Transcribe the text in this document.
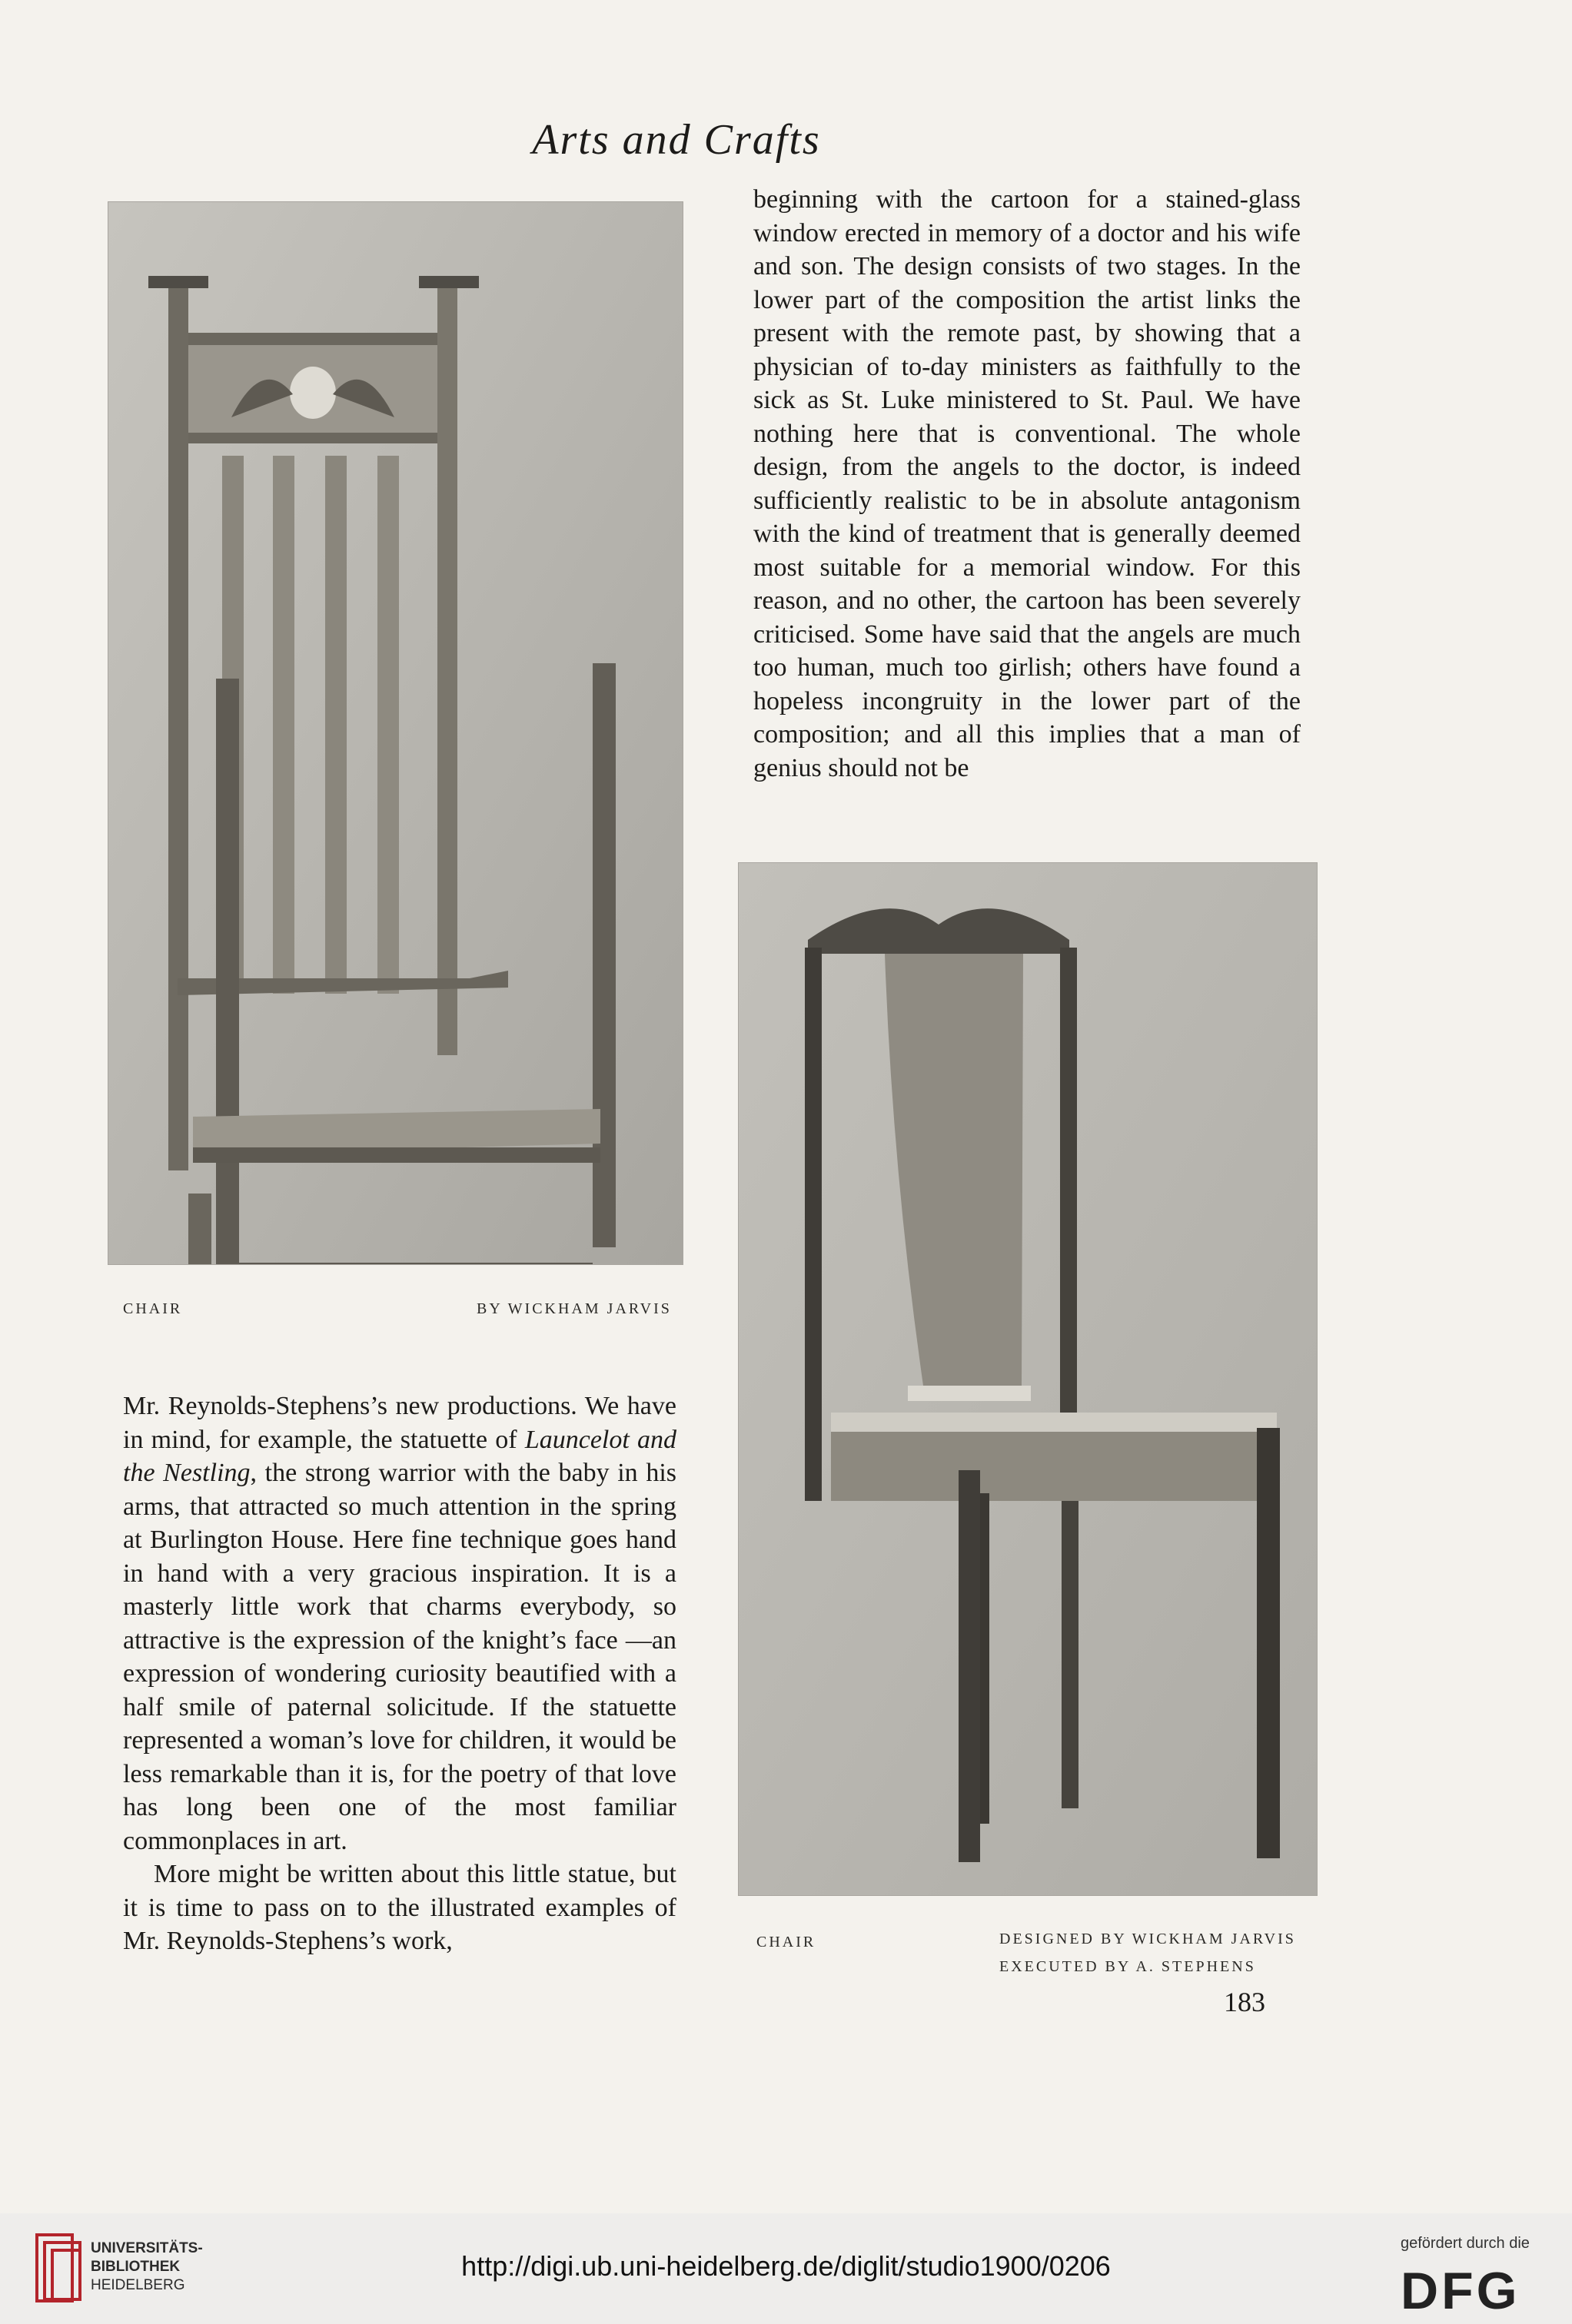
Arts and Crafts
CHAIR	BY WICKHAM JARVIS

beginning with the cartoon for a stained-glass window erected in memory of a doctor and his wife and son. The design consists of two stages. In the lower part of the composition the artist links the present with the remote past, by showing that a physician of to-day ministers as faithfully to the sick as St. Luke ministered to St. Paul. We have nothing here that is conventional. The whole design, from the angels to the doctor, is indeed sufficiently realistic to be in absolute antagonism with the kind of treatment that is generally deemed most suitable for a memorial window. For this reason, and no other, the cartoon has been severely criticised. Some have said that the angels are much too human, much too girlish; others have found a hopeless incongruity in the lower part of the composition; and all this implies that a man of genius should not be

CHAIR	DESIGNED BY WICKHAM JARVIS
EXECUTED BY A. STEPHENS

Mr. Reynolds-Stephens’s new productions. We have in mind, for example, the statuette of Launcelot and the Nestling, the strong warrior with the baby in his arms, that attracted so much attention in the spring at Burlington House. Here fine technique goes hand in hand with a very gracious inspiration. It is a masterly little work that charms everybody, so attractive is the expression of the knight’s face —an expression of wondering curiosity beautified with a half smile of paternal solicitude. If the statuette represented a woman’s love for children, it would be less remarkable than it is, for the poetry of that love has long been one of the most familiar commonplaces in art.

More might be written about this little statue, but it is time to pass on to the illustrated examples of Mr. Reynolds-Stephens’s work,

183
UNIVERSITÄTS-
BIBLIOTHEK
HEIDELBERG
http://digi.ub.uni-heidelberg.de/diglit/studio1900/0206
gefördert durch die
DFG
